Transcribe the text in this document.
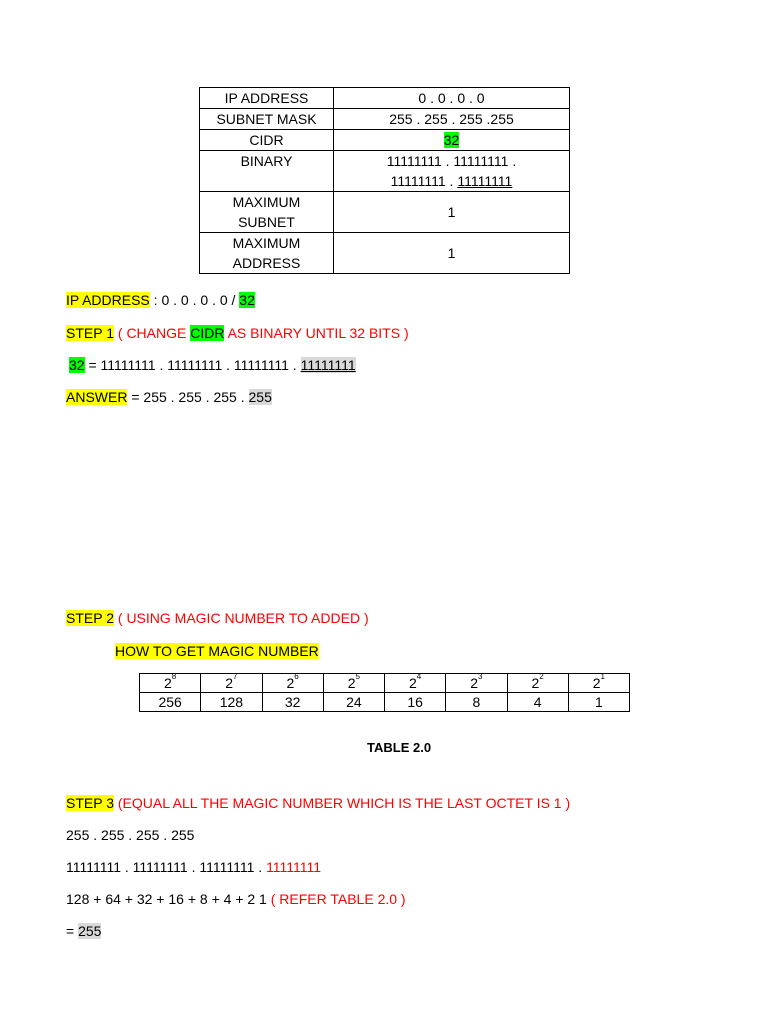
IP ADDRESS	0 . 0 . 0 . 0
SUBNET MASK	255 . 255 . 255 .255
CIDR	32
BINARY	11111111 . 11111111 .
11111111 . 11111111

MAXIMUM
SUBNET	1

MAXIMUM
ADDRESS	1
IP ADDRESS : 0 . 0 . 0 . 0 / 32
STEP 1 ( CHANGE CIDR AS BINARY UNTIL 32 BITS )
32 = 11111111 . 11111111 . 11111111 . 11111111
ANSWER = 255 . 255 . 255 . 255
STEP 2 ( USING MAGIC NUMBER TO ADDED )
HOW TO GET MAGIC NUMBER
$2^8$	$2^7$	$2^6$	$2^5$	$2^4$	$2^3$	$2^2$	$2^1$
256	128	32	24	16	8	4	1
TABLE 2.0
STEP 3 (EQUAL ALL THE MAGIC NUMBER WHICH IS THE LAST OCTET IS 1 )
255 . 255 . 255 . 255
11111111 . 11111111 . 11111111 . 11111111
128 + 64 + 32 + 16 + 8 + 4 + 2 1 ( REFER TABLE 2.0 )
= 255
